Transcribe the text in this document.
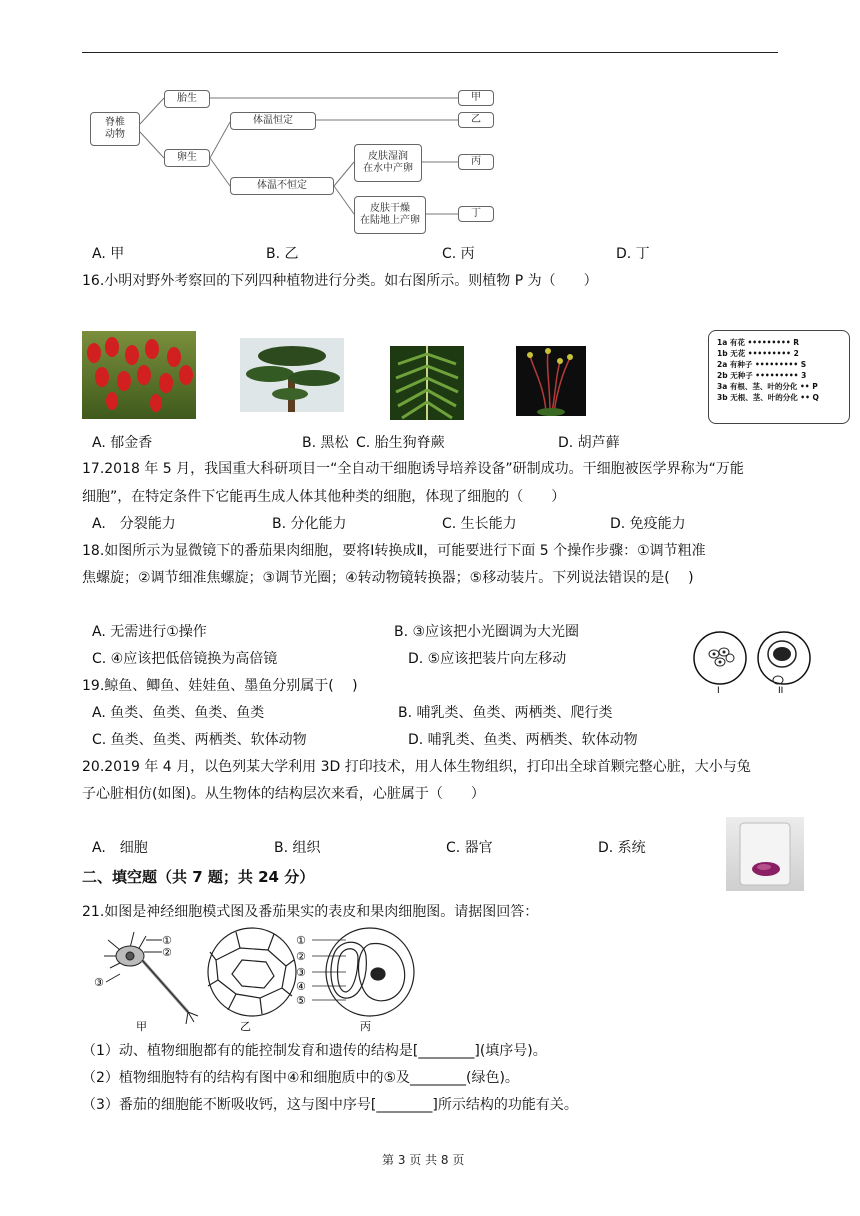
脊椎
动物
胎生
卵生
体温恒定
体温不恒定
皮肤湿润
在水中产卵
皮肤干燥
在陆地上产卵
甲
乙
丙
丁
A. 甲	B. 乙	C. 丙	D. 丁
16.小明对野外考察回的下列四种植物进行分类。如右图所示。则植物 P 为（　　）
1a 有花 ••••••••• R
1b 无花 ••••••••• 2
2a 有种子 ••••••••• S
2b 无种子 ••••••••• 3
3a 有根、茎、叶的分化 •• P
3b 无根、茎、叶的分化 •• Q
A. 郁金香	B. 黑松 C. 胎生狗脊蕨	D. 胡芦藓
17.2018 年 5 月，我国重大科研项目一“全自动干细胞诱导培养设备”研制成功。干细胞被医学界称为“万能
细胞”，在特定条件下它能再生成人体其他种类的细胞，体现了细胞的（　　）
A.　分裂能力	B. 分化能力	C. 生长能力	D. 免疫能力
18.如图所示为显微镜下的番茄果肉细胞，要将Ⅰ转换成Ⅱ，可能要进行下面 5 个操作步骤：①调节粗准
焦螺旋；②调节细准焦螺旋；③调节光圈；④转动物镜转换器；⑤移动装片。下列说法错误的是(　 )
A. 无需进行①操作	B. ③应该把小光圈调为大光圈
C. ④应该把低倍镜换为高倍镜	D. ⑤应该把装片向左移动
I	II
19.鲸鱼、鲫鱼、娃娃鱼、墨鱼分别属于(　 )
A. 鱼类、鱼类、鱼类、鱼类	B. 哺乳类、鱼类、两栖类、爬行类
C. 鱼类、鱼类、两栖类、软体动物	D. 哺乳类、鱼类、两栖类、软体动物
20.2019 年 4 月，以色列某大学利用 3D 打印技术，用人体生物组织，打印出全球首颗完整心脏，大小与兔
子心脏相仿(如图)。从生物体的结构层次来看，心脏属于（　　）
A.　细胞	B. 组织	C. 器官	D. 系统
二、填空题（共 7 题；共 24 分）
21.如图是神经细胞模式图及番茄果实的表皮和果肉细胞图。请据图回答：
①
②
③
①
②
③
④
⑤
甲	乙	丙
（1）动、植物细胞都有的能控制发育和遗传的结构是[________](填序号)。
（2）植物细胞特有的结构有图中④和细胞质中的⑤及________(绿色)。
（3）番茄的细胞能不断吸收钙，这与图中序号[________]所示结构的功能有关。
第 3 页 共 8 页
